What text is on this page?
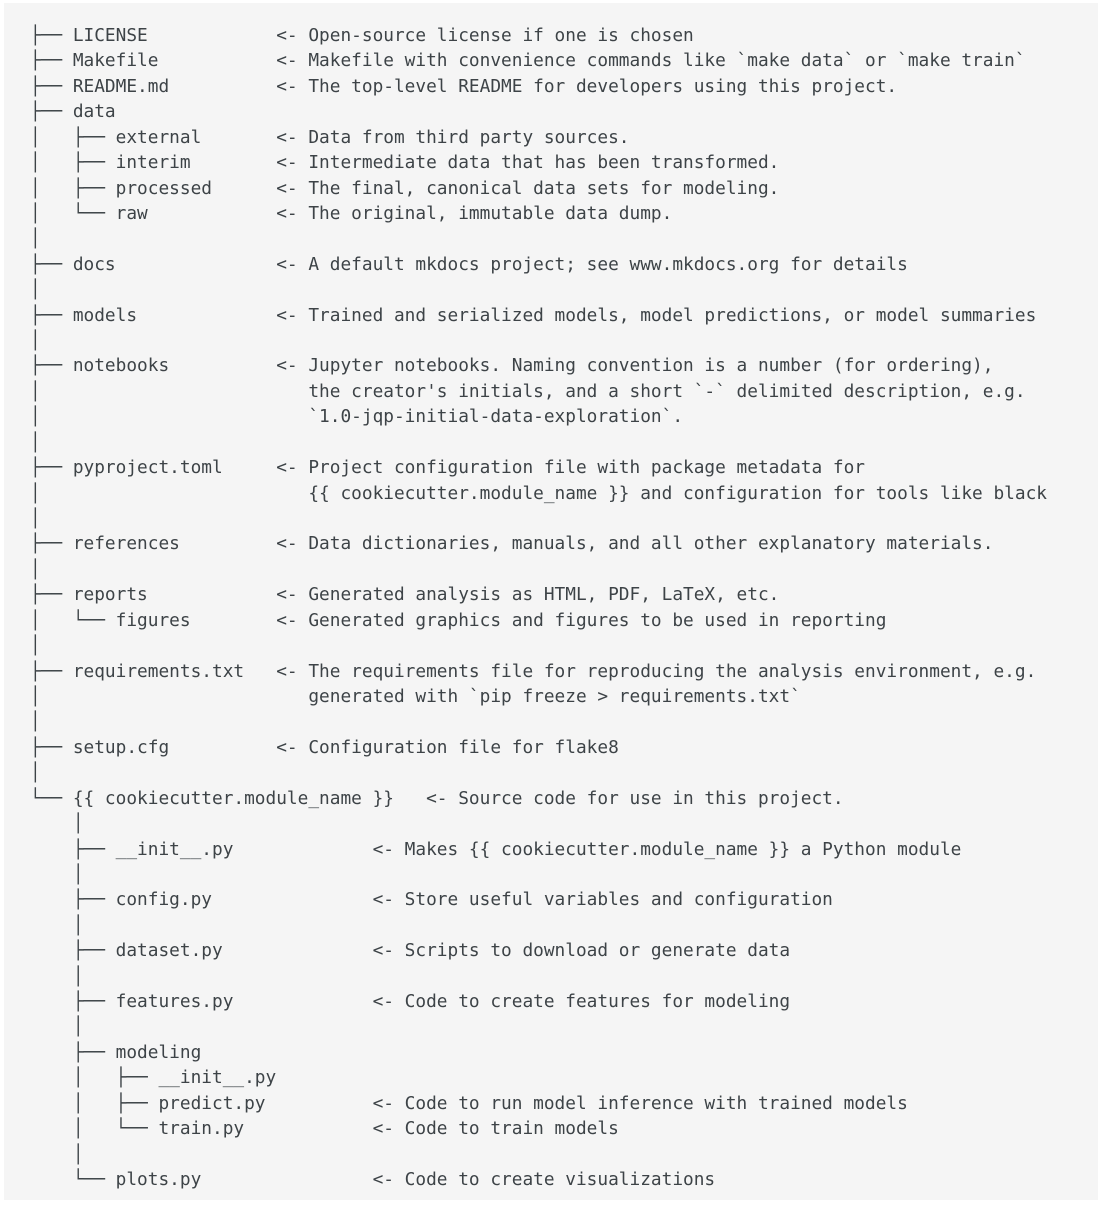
├── LICENSE            <- Open-source license if one is chosen
├── Makefile           <- Makefile with convenience commands like `make data` or `make train`
├── README.md          <- The top-level README for developers using this project.
├── data
│   ├── external       <- Data from third party sources.
│   ├── interim        <- Intermediate data that has been transformed.
│   ├── processed      <- The final, canonical data sets for modeling.
│   └── raw            <- The original, immutable data dump.
│
├── docs               <- A default mkdocs project; see www.mkdocs.org for details
│
├── models             <- Trained and serialized models, model predictions, or model summaries
│
├── notebooks          <- Jupyter notebooks. Naming convention is a number (for ordering),
│                         the creator's initials, and a short `-` delimited description, e.g.
│                         `1.0-jqp-initial-data-exploration`.
│
├── pyproject.toml     <- Project configuration file with package metadata for
│                         {{ cookiecutter.module_name }} and configuration for tools like black
│
├── references         <- Data dictionaries, manuals, and all other explanatory materials.
│
├── reports            <- Generated analysis as HTML, PDF, LaTeX, etc.
│   └── figures        <- Generated graphics and figures to be used in reporting
│
├── requirements.txt   <- The requirements file for reproducing the analysis environment, e.g.
│                         generated with `pip freeze > requirements.txt`
│
├── setup.cfg          <- Configuration file for flake8
│
└── {{ cookiecutter.module_name }}   <- Source code for use in this project.
│
├── __init__.py             <- Makes {{ cookiecutter.module_name }} a Python module
│
├── config.py               <- Store useful variables and configuration
│
├── dataset.py              <- Scripts to download or generate data
│
├── features.py             <- Code to create features for modeling
│
├── modeling
│   ├── __init__.py
│   ├── predict.py          <- Code to run model inference with trained models
│   └── train.py            <- Code to train models
│
└── plots.py                <- Code to create visualizations
